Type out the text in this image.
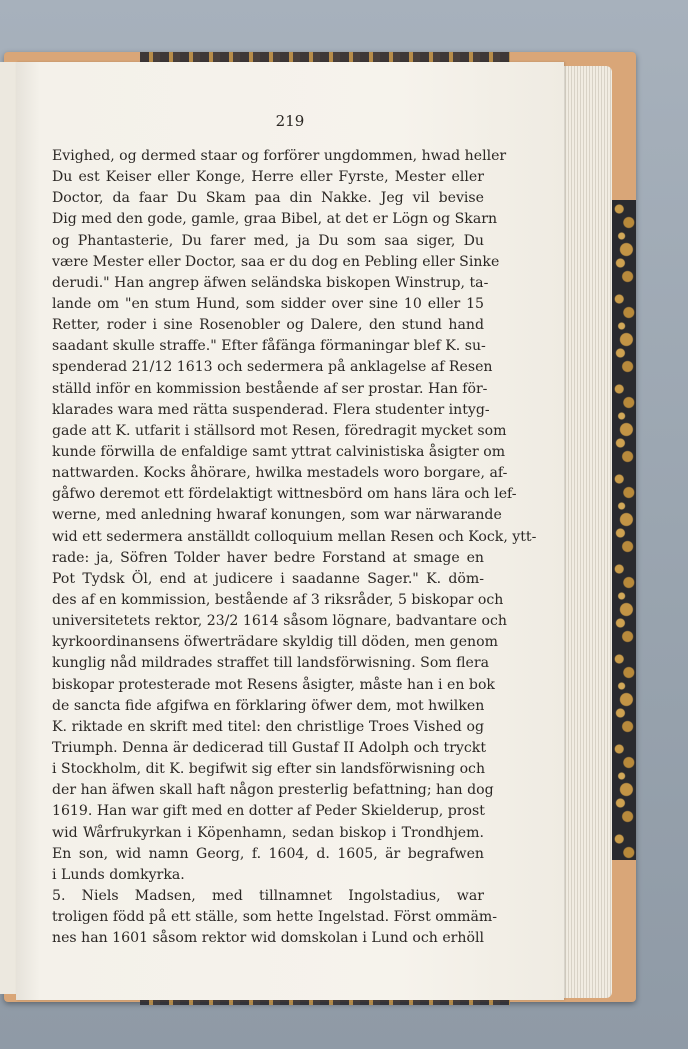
219
Evighed, og dermed staar og forförer ungdommen, hwad heller
Du est Keiser eller Konge, Herre eller Fyrste, Mester eller
Doctor, da faar Du Skam paa din Nakke. Jeg vil bevise
Dig med den gode, gamle, graa Bibel, at det er Lögn og Skarn
og Phantasterie, Du farer med, ja Du som saa siger, Du
være Mester eller Doctor, saa er du dog en Pebling eller Sinke
derudi." Han angrep äfwen seländska biskopen Winstrup, ta-
lande om "en stum Hund, som sidder over sine 10 eller 15
Retter, roder i sine Rosenobler og Dalere, den stund hand
saadant skulle straffe." Efter fåfänga förmaningar blef K. su-
spenderad 21/12 1613 och sedermera på anklagelse af Resen
ställd inför en kommission bestående af ser prostar. Han för-
klarades wara med rätta suspenderad. Flera studenter intyg-
gade att K. utfarit i ställsord mot Resen, föredragit mycket som
kunde förwilla de enfaldige samt yttrat calvinistiska åsigter om
nattwarden. Kocks åhörare, hwilka mestadels woro borgare, af-
gåfwo deremot ett fördelaktigt wittnesbörd om hans lära och lef-
werne, med anledning hwaraf konungen, som war närwarande
wid ett sedermera anställdt colloquium mellan Resen och Kock, ytt-
rade: ja, Söfren Tolder haver bedre Forstand at smage en
Pot Tydsk Öl, end at judicere i saadanne Sager." K. döm-
des af en kommission, bestående af 3 riksråder, 5 biskopar och
universitetets rektor, 23/2 1614 såsom lögnare, badvantare och
kyrkoordinansens öfwerträdare skyldig till döden, men genom
kunglig nåd mildrades straffet till landsförwisning. Som flera
biskopar protesterade mot Resens åsigter, måste han i en bok
de sancta fide afgifwa en förklaring öfwer dem, mot hwilken
K. riktade en skrift med titel: den christlige Troes Vished og
Triumph. Denna är dedicerad till Gustaf II Adolph och tryckt
i Stockholm, dit K. begifwit sig efter sin landsförwisning och
der han äfwen skall haft någon presterlig befattning; han dog
1619. Han war gift med en dotter af Peder Skielderup, prost
wid Wårfrukyrkan i Köpenhamn, sedan biskop i Trondhjem.
En son, wid namn Georg, f. 1604, d. 1605, är begrafwen
i Lunds domkyrka.
5. Niels Madsen, med tillnamnet Ingolstadius, war
troligen född på ett ställe, som hette Ingelstad. Först ommäm-
nes han 1601 såsom rektor wid domskolan i Lund och erhöll
